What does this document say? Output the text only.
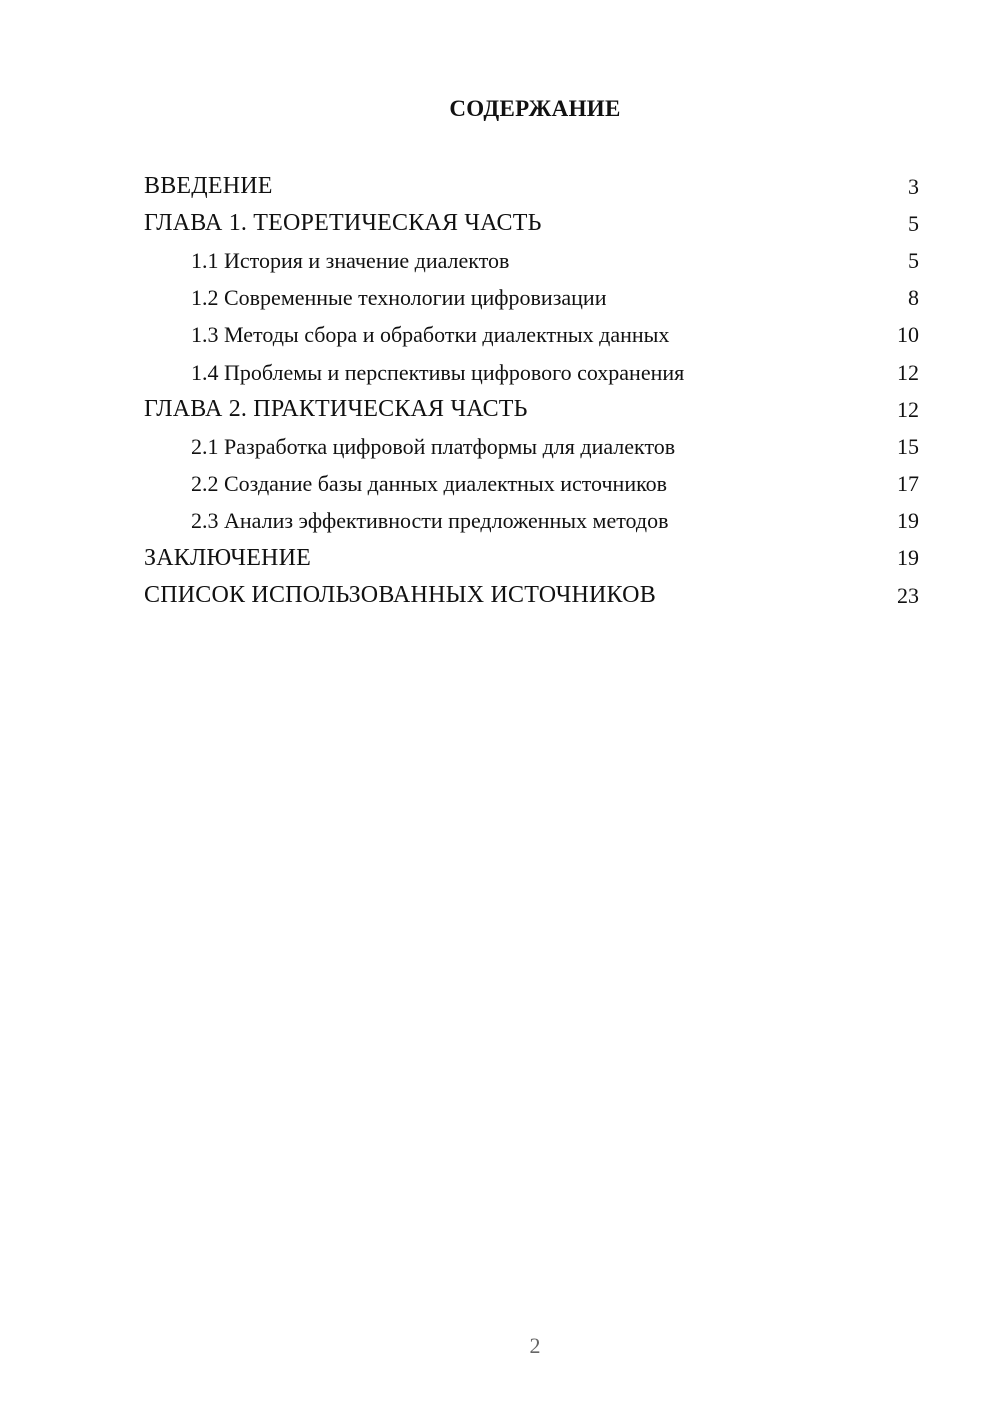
СОДЕРЖАНИЕ
ВВЕДЕНИЕ	3
ГЛАВА 1. ТЕОРЕТИЧЕСКАЯ ЧАСТЬ	5
1.1 История и значение диалектов	5
1.2 Современные технологии цифровизации	8
1.3 Методы сбора и обработки диалектных данных	10
1.4 Проблемы и перспективы цифрового сохранения	12
ГЛАВА 2. ПРАКТИЧЕСКАЯ ЧАСТЬ	12
2.1 Разработка цифровой платформы для диалектов	15
2.2 Создание базы данных диалектных источников	17
2.3 Анализ эффективности предложенных методов	19
ЗАКЛЮЧЕНИЕ	19
СПИСОК ИСПОЛЬЗОВАННЫХ ИСТОЧНИКОВ	23
2
